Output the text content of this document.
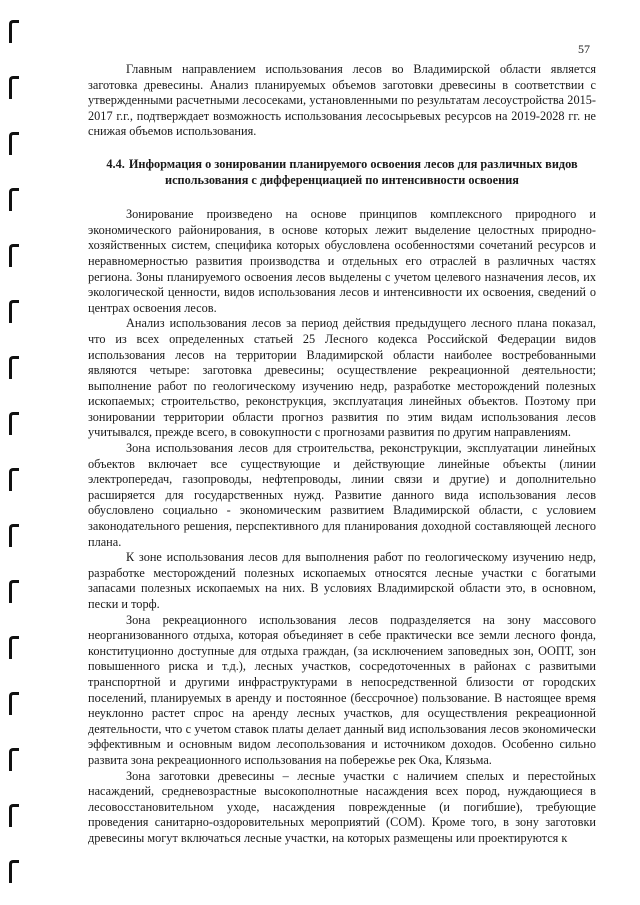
57

Главным направлением использования лесов во Владимирской области является заготовка древесины. Анализ планируемых объемов заготовки древесины в соответствии с утвержденными расчетными лесосеками, установленными по результатам лесоустройства 2015-2017 г.г., подтверждает возможность использования лесосырьевых ресурсов на 2019-2028 гг. не снижая объемов использования.

4.4. Информация о зонировании планируемого освоения лесов для различных видов использования с дифференциацией по интенсивности освоения

Зонирование произведено на основе принципов комплексного природного и экономического районирования, в основе которых лежит выделение целостных природно-хозяйственных систем, специфика которых обусловлена особенностями сочетаний ресурсов и неравномерностью развития производства и отдельных его отраслей в различных частях региона. Зоны планируемого освоения лесов выделены с учетом целевого назначения лесов, их экологической ценности, видов использования лесов и интенсивности их освоения, сведений о центрах освоения лесов.

Анализ использования лесов за период действия предыдущего лесного плана показал, что из всех определенных статьей 25 Лесного кодекса Российской Федерации видов использования лесов на территории Владимирской области наиболее востребованными являются четыре: заготовка древесины; осуществление рекреационной деятельности; выполнение работ по геологическому изучению недр, разработке месторождений полезных ископаемых; строительство, реконструкция, эксплуатация линейных объектов. Поэтому при зонировании территории области прогноз развития по этим видам использования лесов учитывался, прежде всего, в совокупности с прогнозами развития по другим направлениям.

Зона использования лесов для строительства, реконструкции, эксплуатации линейных объектов включает все существующие и действующие линейные объекты (линии электропередач, газопроводы, нефтепроводы, линии связи и другие) и дополнительно расширяется для государственных нужд. Развитие данного вида использования лесов обусловлено социально - экономическим развитием Владимирской области, с условием законодательного решения, перспективного для планирования доходной составляющей лесного плана.

К зоне использования лесов для выполнения работ по геологическому изучению недр, разработке месторождений полезных ископаемых относятся лесные участки с богатыми запасами полезных ископаемых на них. В условиях Владимирской области это, в основном, пески и торф.

Зона рекреационного использования лесов подразделяется на зону массового неорганизованного отдыха, которая объединяет в себе практически все земли лесного фонда, конституционно доступные для отдыха граждан, (за исключением заповедных зон, ООПТ, зон повышенного риска и т.д.), лесных участков, сосредоточенных в районах с развитыми транспортной и другими инфраструктурами в непосредственной близости от городских поселений, планируемых в аренду и постоянное (бессрочное) пользование. В настоящее время неуклонно растет спрос на аренду лесных участков, для осуществления рекреационной деятельности, что с учетом ставок платы делает данный вид использования лесов экономически эффективным и основным видом лесопользования и источником доходов. Особенно сильно развита зона рекреационного использования на побережье рек Ока, Клязьма.

Зона заготовки древесины – лесные участки с наличием спелых и перестойных насаждений, средневозрастные высокополнотные насаждения всех пород, нуждающиеся в лесовосстановительном уходе, насаждения поврежденные (и погибшие), требующие проведения санитарно-оздоровительных мероприятий (СОМ). Кроме того, в зону заготовки древесины могут включаться лесные участки, на которых размещены или проектируются к
